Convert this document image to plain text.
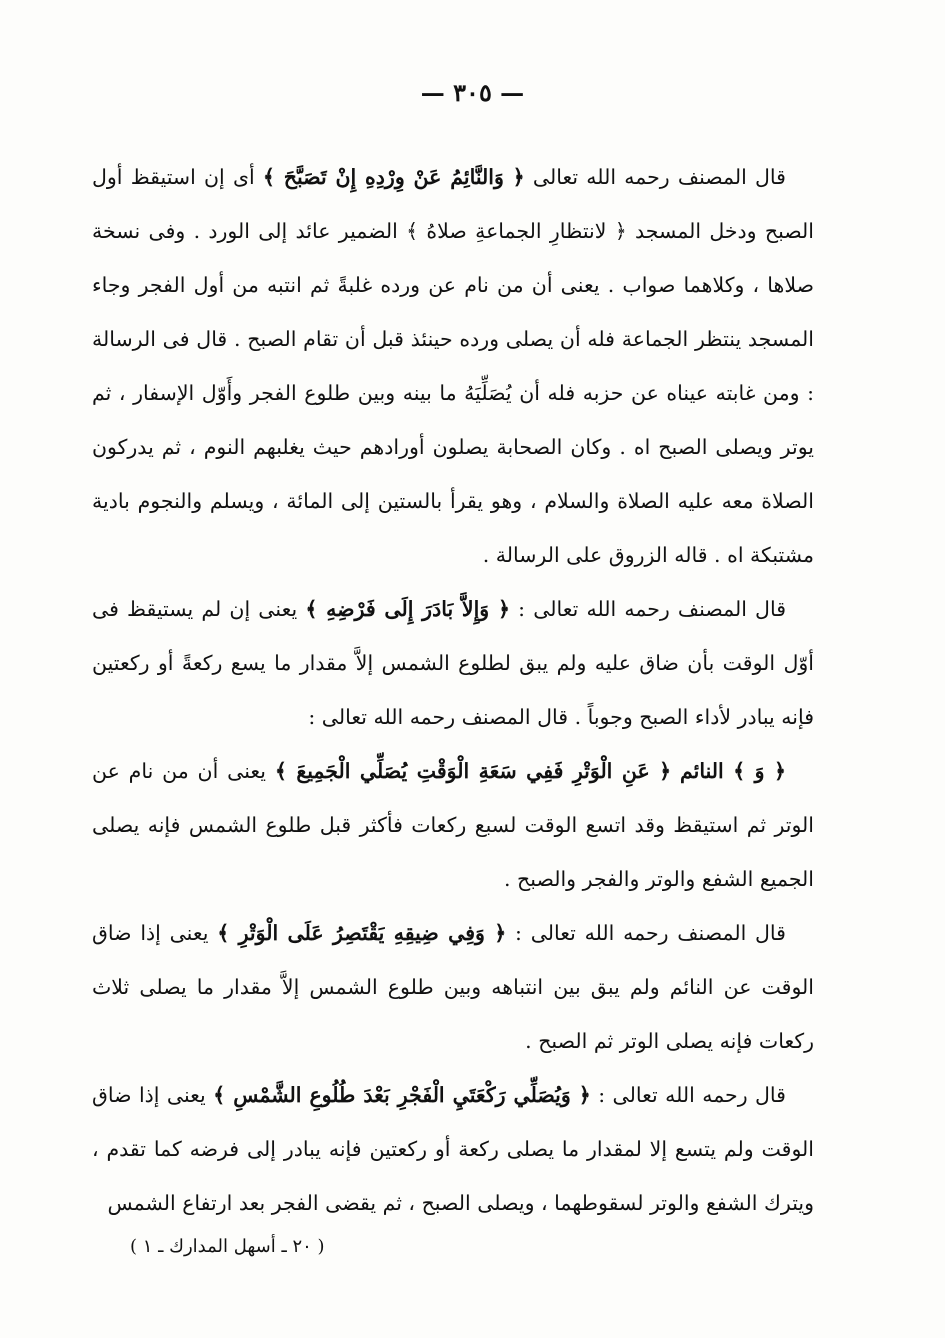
— ٣٠٥ —

قال المصنف رحمه الله تعالى ﴿ وَالنَّائِمُ عَنْ وِرْدِهِ إِنْ تَصَبَّحَ ﴾ أى إن استيقظ أول الصبح ودخل المسجد ﴿ لانتظارِ الجماعةِ صلاهُ ﴾ الضمير عائد إلى الورد . وفى نسخة صلاها ، وكلاهما صواب . يعنى أن من نام عن ورده غلبةً ثم انتبه من أول الفجر وجاء المسجد ينتظر الجماعة فله أن يصلى ورده حينئذ قبل أن تقام الصبح . قال فى الرسالة : ومن غابته عيناه عن حزبه فله أن يُصَلِّيَهُ ما بينه وبين طلوع الفجر وأَوّل الإسفار ، ثم يوتر ويصلى الصبح اه . وكان الصحابة يصلون أورادهم حيث يغلبهم النوم ، ثم يدركون الصلاة معه عليه الصلاة والسلام ، وهو يقرأ بالستين إلى المائة ، ويسلم والنجوم بادية مشتبكة اه . قاله الزروق على الرسالة .

قال المصنف رحمه الله تعالى : ﴿ وَإِلاَّ بَادَرَ إِلَى فَرْضِهِ ﴾ يعنى إن لم يستيقظ فى أوّل الوقت بأن ضاق عليه ولم يبق لطلوع الشمس إلاَّ مقدار ما يسع ركعةً أو ركعتين فإنه يبادر لأداء الصبح وجوباً . قال المصنف رحمه الله تعالى :

﴿ وَ ﴾ النائم ﴿ عَنِ الْوَتْرِ فَفِي سَعَةِ الْوَقْتِ يُصَلِّي الْجَمِيعَ ﴾ يعنى أن من نام عن الوتر ثم استيقظ وقد اتسع الوقت لسبع ركعات فأكثر قبل طلوع الشمس فإنه يصلى الجميع الشفع والوتر والفجر والصبح .

قال المصنف رحمه الله تعالى : ﴿ وَفِي ضِيقِهِ يَقْتَصِرُ عَلَى الْوَتْرِ ﴾ يعنى إذا ضاق الوقت عن النائم ولم يبق بين انتباهه وبين طلوع الشمس إلاَّ مقدار ما يصلى ثلاث ركعات فإنه يصلى الوتر ثم الصبح .

قال رحمه الله تعالى : ﴿ وَيُصَلِّي رَكْعَتَيِ الْفَجْرِ بَعْدَ طُلُوعِ الشَّمْسِ ﴾ يعنى إذا ضاق الوقت ولم يتسع إلا لمقدار ما يصلى ركعة أو ركعتين فإنه يبادر إلى فرضه كما تقدم ، ويترك الشفع والوتر لسقوطهما ، ويصلى الصبح ، ثم يقضى الفجر بعد ارتفاع الشمس

( ٢٠ ـ أسهل المدارك ـ ١ )
